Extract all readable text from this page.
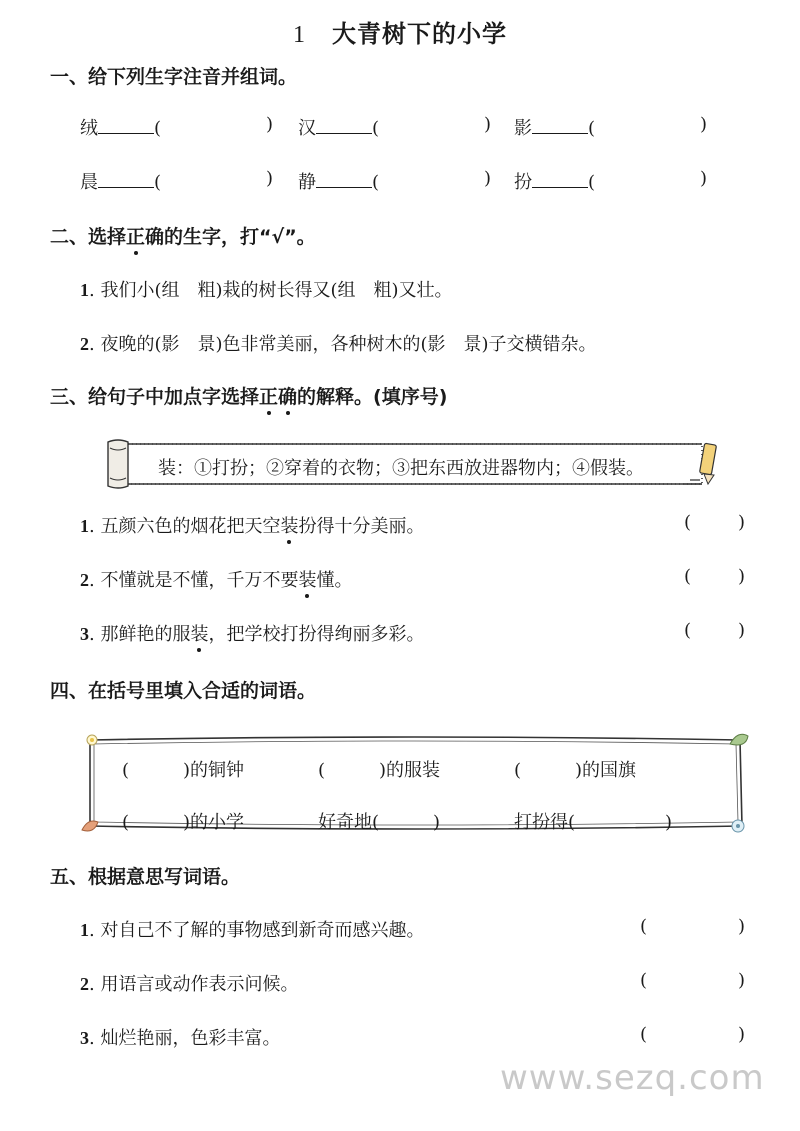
1 大青树下的小学
一、给下列生字注音并组词。
绒	(	) 汉	(	) 影	(	)
晨	(	) 静	(	) 扮	(	)
二、选择正确的生字，打“√”。
1. 我们小(组　粗)栽的树长得又(组　粗)又壮。
2. 夜晚的(影　景)色非常美丽，各种树木的(影　景)子交横错杂。
三、给句子中加点字选择正确的解释。(填序号)
装：①打扮；②穿着的衣物；③把东西放进器物内；④假装。
1. 五颜六色的烟花把天空装扮得十分美丽。	(	)
2. 不懂就是不懂，千万不要装懂。	(	)
3. 那鲜艳的服装，把学校打扮得绚丽多彩。	(	)
四、在括号里填入合适的词语。
(　　　)的铜钟	(　　　)的服装	(　　　)的国旗
(　　　)的小学	好奇地(　　　)	打扮得(　　　　　)
五、根据意思写词语。
1. 对自己不了解的事物感到新奇而感兴趣。	(	)
2. 用语言或动作表示问候。	(	)
3. 灿烂艳丽，色彩丰富。	(	)
www.sezq.com
